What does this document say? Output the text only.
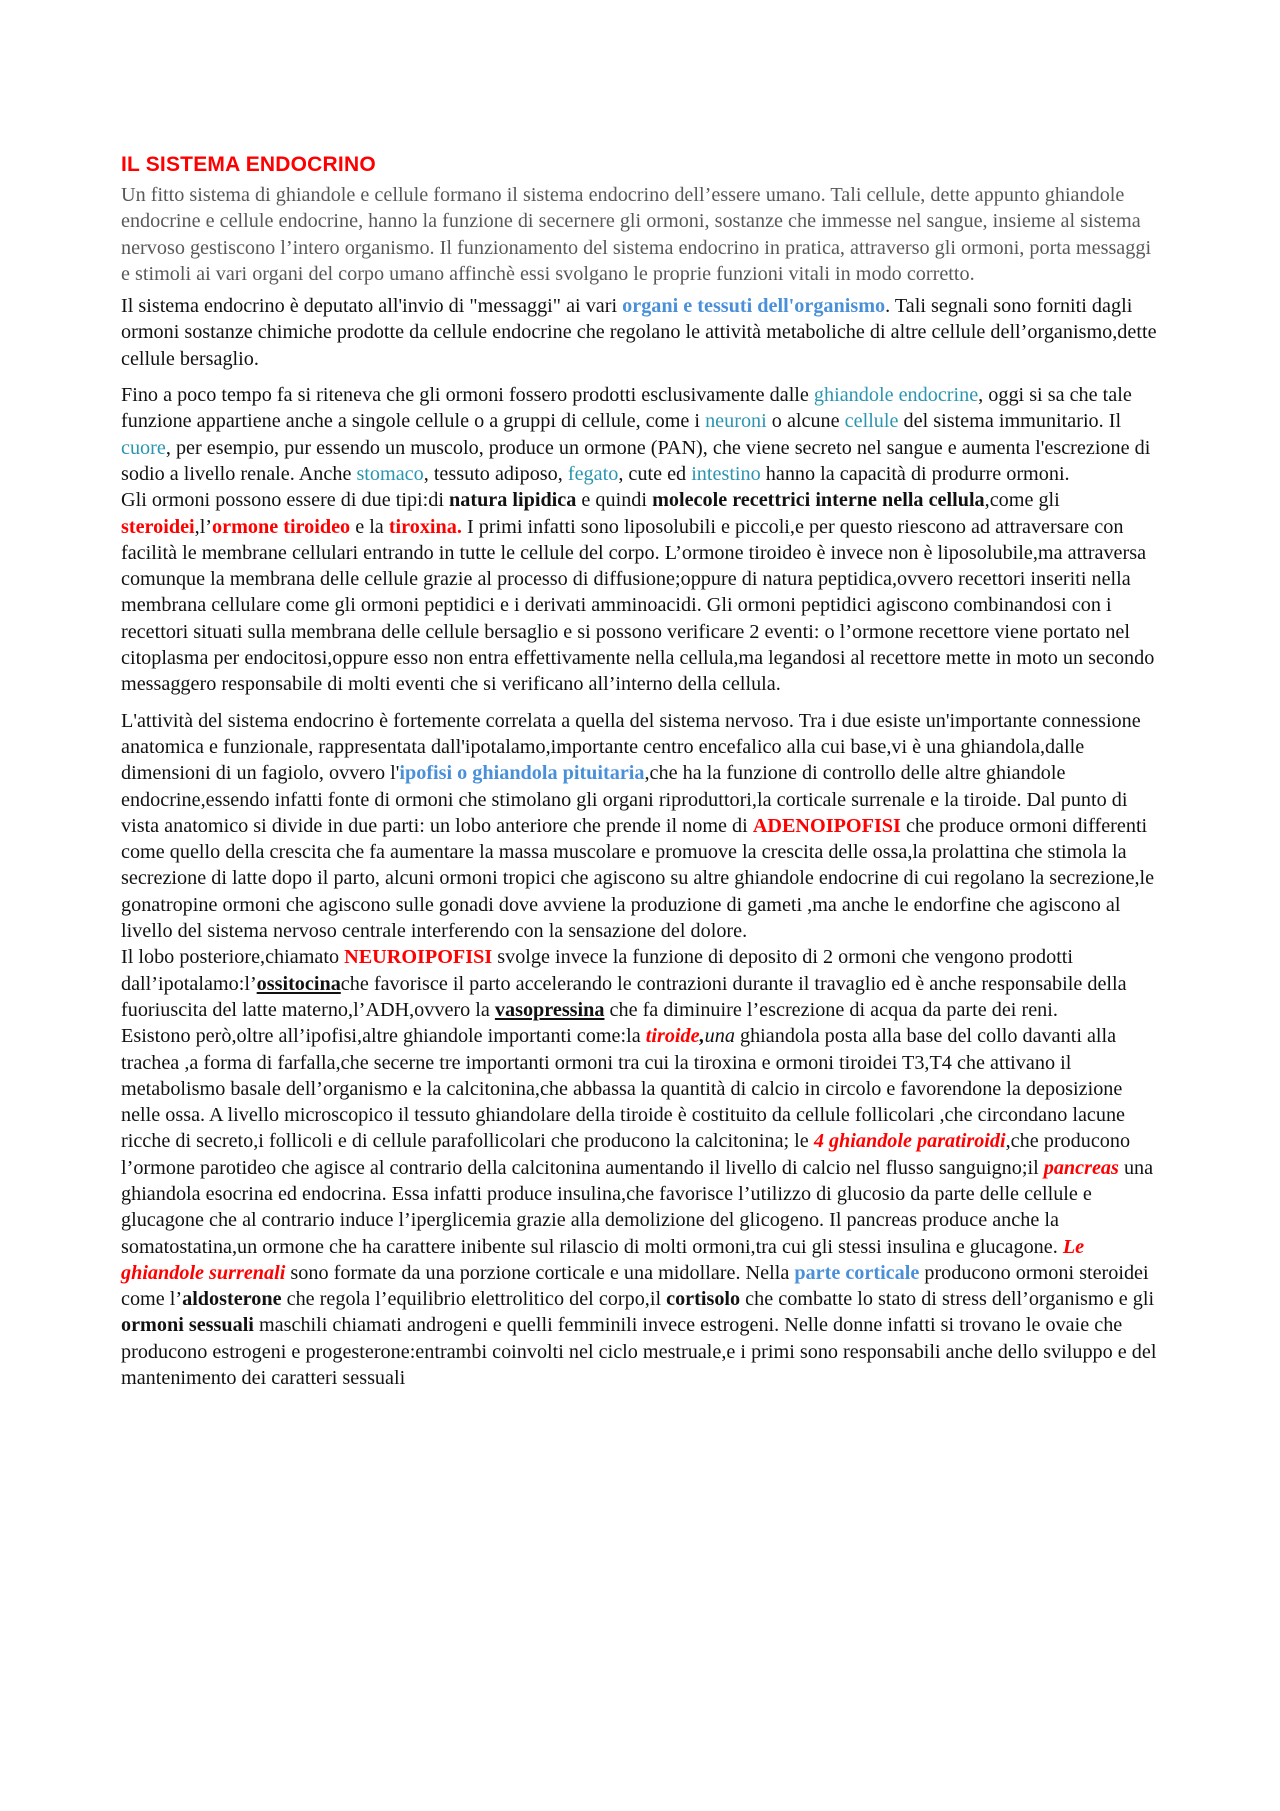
IL SISTEMA ENDOCRINO

Un fitto sistema di ghiandole e cellule formano il sistema endocrino dell’essere umano. Tali cellule, dette appunto ghiandole endocrine e cellule endocrine, hanno la funzione di secernere gli ormoni, sostanze che immesse nel sangue, insieme al sistema nervoso gestiscono l’intero organismo. Il funzionamento del sistema endocrino in pratica, attraverso gli ormoni, porta messaggi e stimoli ai vari organi del corpo umano affinchè essi svolgano le proprie funzioni vitali in modo corretto.

Il sistema endocrino è deputato all'invio di "messaggi" ai vari organi e tessuti dell'organismo. Tali segnali sono forniti dagli ormoni sostanze chimiche prodotte da cellule endocrine che regolano le attività metaboliche di altre cellule dell’organismo,dette cellule bersaglio.

Fino a poco tempo fa si riteneva che gli ormoni fossero prodotti esclusivamente dalle ghiandole endocrine, oggi si sa che tale funzione appartiene anche a singole cellule o a gruppi di cellule, come i neuroni o alcune cellule del sistema immunitario. Il cuore, per esempio, pur essendo un muscolo, produce un ormone (PAN), che viene secreto nel sangue e aumenta l'escrezione di sodio a livello renale. Anche stomaco, tessuto adiposo, fegato, cute ed intestino hanno la capacità di produrre ormoni.

Gli ormoni possono essere di due tipi:di natura lipidica e quindi molecole recettrici interne nella cellula,come gli steroidei,l’ormone tiroideo e la tiroxina. I primi infatti sono liposolubili e piccoli,e per questo riescono ad attraversare con facilità le membrane cellulari entrando in tutte le cellule del corpo. L’ormone tiroideo è invece non è liposolubile,ma attraversa comunque la membrana delle cellule grazie al processo di diffusione;oppure di natura peptidica,ovvero recettori inseriti nella membrana cellulare come gli ormoni peptidici e i derivati amminoacidi. Gli ormoni peptidici agiscono combinandosi con i recettori situati sulla membrana delle cellule bersaglio e si possono verificare 2 eventi: o l’ormone recettore viene portato nel citoplasma per endocitosi,oppure esso non entra effettivamente nella cellula,ma legandosi al recettore mette in moto un secondo messaggero responsabile di molti eventi che si verificano all’interno della cellula.

L'attività del sistema endocrino è fortemente correlata a quella del sistema nervoso. Tra i due esiste un'importante connessione anatomica e funzionale, rappresentata dall'ipotalamo,importante centro encefalico alla cui base,vi è una ghiandola,dalle dimensioni di un fagiolo, ovvero l'ipofisi o ghiandola pituitaria,che ha la funzione di controllo delle altre ghiandole endocrine,essendo infatti fonte di ormoni che stimolano gli organi riproduttori,la corticale surrenale e la tiroide. Dal punto di vista anatomico si divide in due parti: un lobo anteriore che prende il nome di ADENOIPOFISI che produce ormoni differenti come quello della crescita che fa aumentare la massa muscolare e promuove la crescita delle ossa,la prolattina che stimola la secrezione di latte dopo il parto, alcuni ormoni tropici che agiscono su altre ghiandole endocrine di cui regolano la secrezione,le gonatropine ormoni che agiscono sulle gonadi dove avviene la produzione di gameti ,ma anche le endorfine che agiscono al livello del sistema nervoso centrale interferendo con la sensazione del dolore.

Il lobo posteriore,chiamato NEUROIPOFISI svolge invece la funzione di deposito di 2 ormoni che vengono prodotti dall’ipotalamo:l’ossitocinache favorisce il parto accelerando le contrazioni durante il travaglio ed è anche responsabile della fuoriuscita del latte materno,l’ADH,ovvero la vasopressina che fa diminuire l’escrezione di acqua da parte dei reni.

Esistono però,oltre all’ipofisi,altre ghiandole importanti come:la tiroide,una ghiandola posta alla base del collo davanti alla trachea ,a forma di farfalla,che secerne tre importanti ormoni tra cui la tiroxina e ormoni tiroidei T3,T4 che attivano il metabolismo basale dell’organismo e la calcitonina,che abbassa la quantità di calcio in circolo e favorendone la deposizione nelle ossa. A livello microscopico il tessuto ghiandolare della tiroide è costituito da cellule follicolari ,che circondano lacune ricche di secreto,i follicoli e di cellule parafollicolari che producono la calcitonina; le 4 ghiandole paratiroidi,che producono l’ormone parotideo che agisce al contrario della calcitonina aumentando il livello di calcio nel flusso sanguigno;il pancreas una ghiandola esocrina ed endocrina. Essa infatti produce insulina,che favorisce l’utilizzo di glucosio da parte delle cellule e glucagone che al contrario induce l’iperglicemia grazie alla demolizione del glicogeno. Il pancreas produce anche la somatostatina,un ormone che ha carattere inibente sul rilascio di molti ormoni,tra cui gli stessi insulina e glucagone. Le ghiandole surrenali sono formate da una porzione corticale e una midollare. Nella parte corticale producono ormoni steroidei come l’aldosterone che regola l’equilibrio elettrolitico del corpo,il cortisolo che combatte lo stato di stress dell’organismo e gli ormoni sessuali maschili chiamati androgeni e quelli femminili invece estrogeni. Nelle donne infatti si trovano le ovaie che producono estrogeni e progesterone:entrambi coinvolti nel ciclo mestruale,e i primi sono responsabili anche dello sviluppo e del mantenimento dei caratteri sessuali
